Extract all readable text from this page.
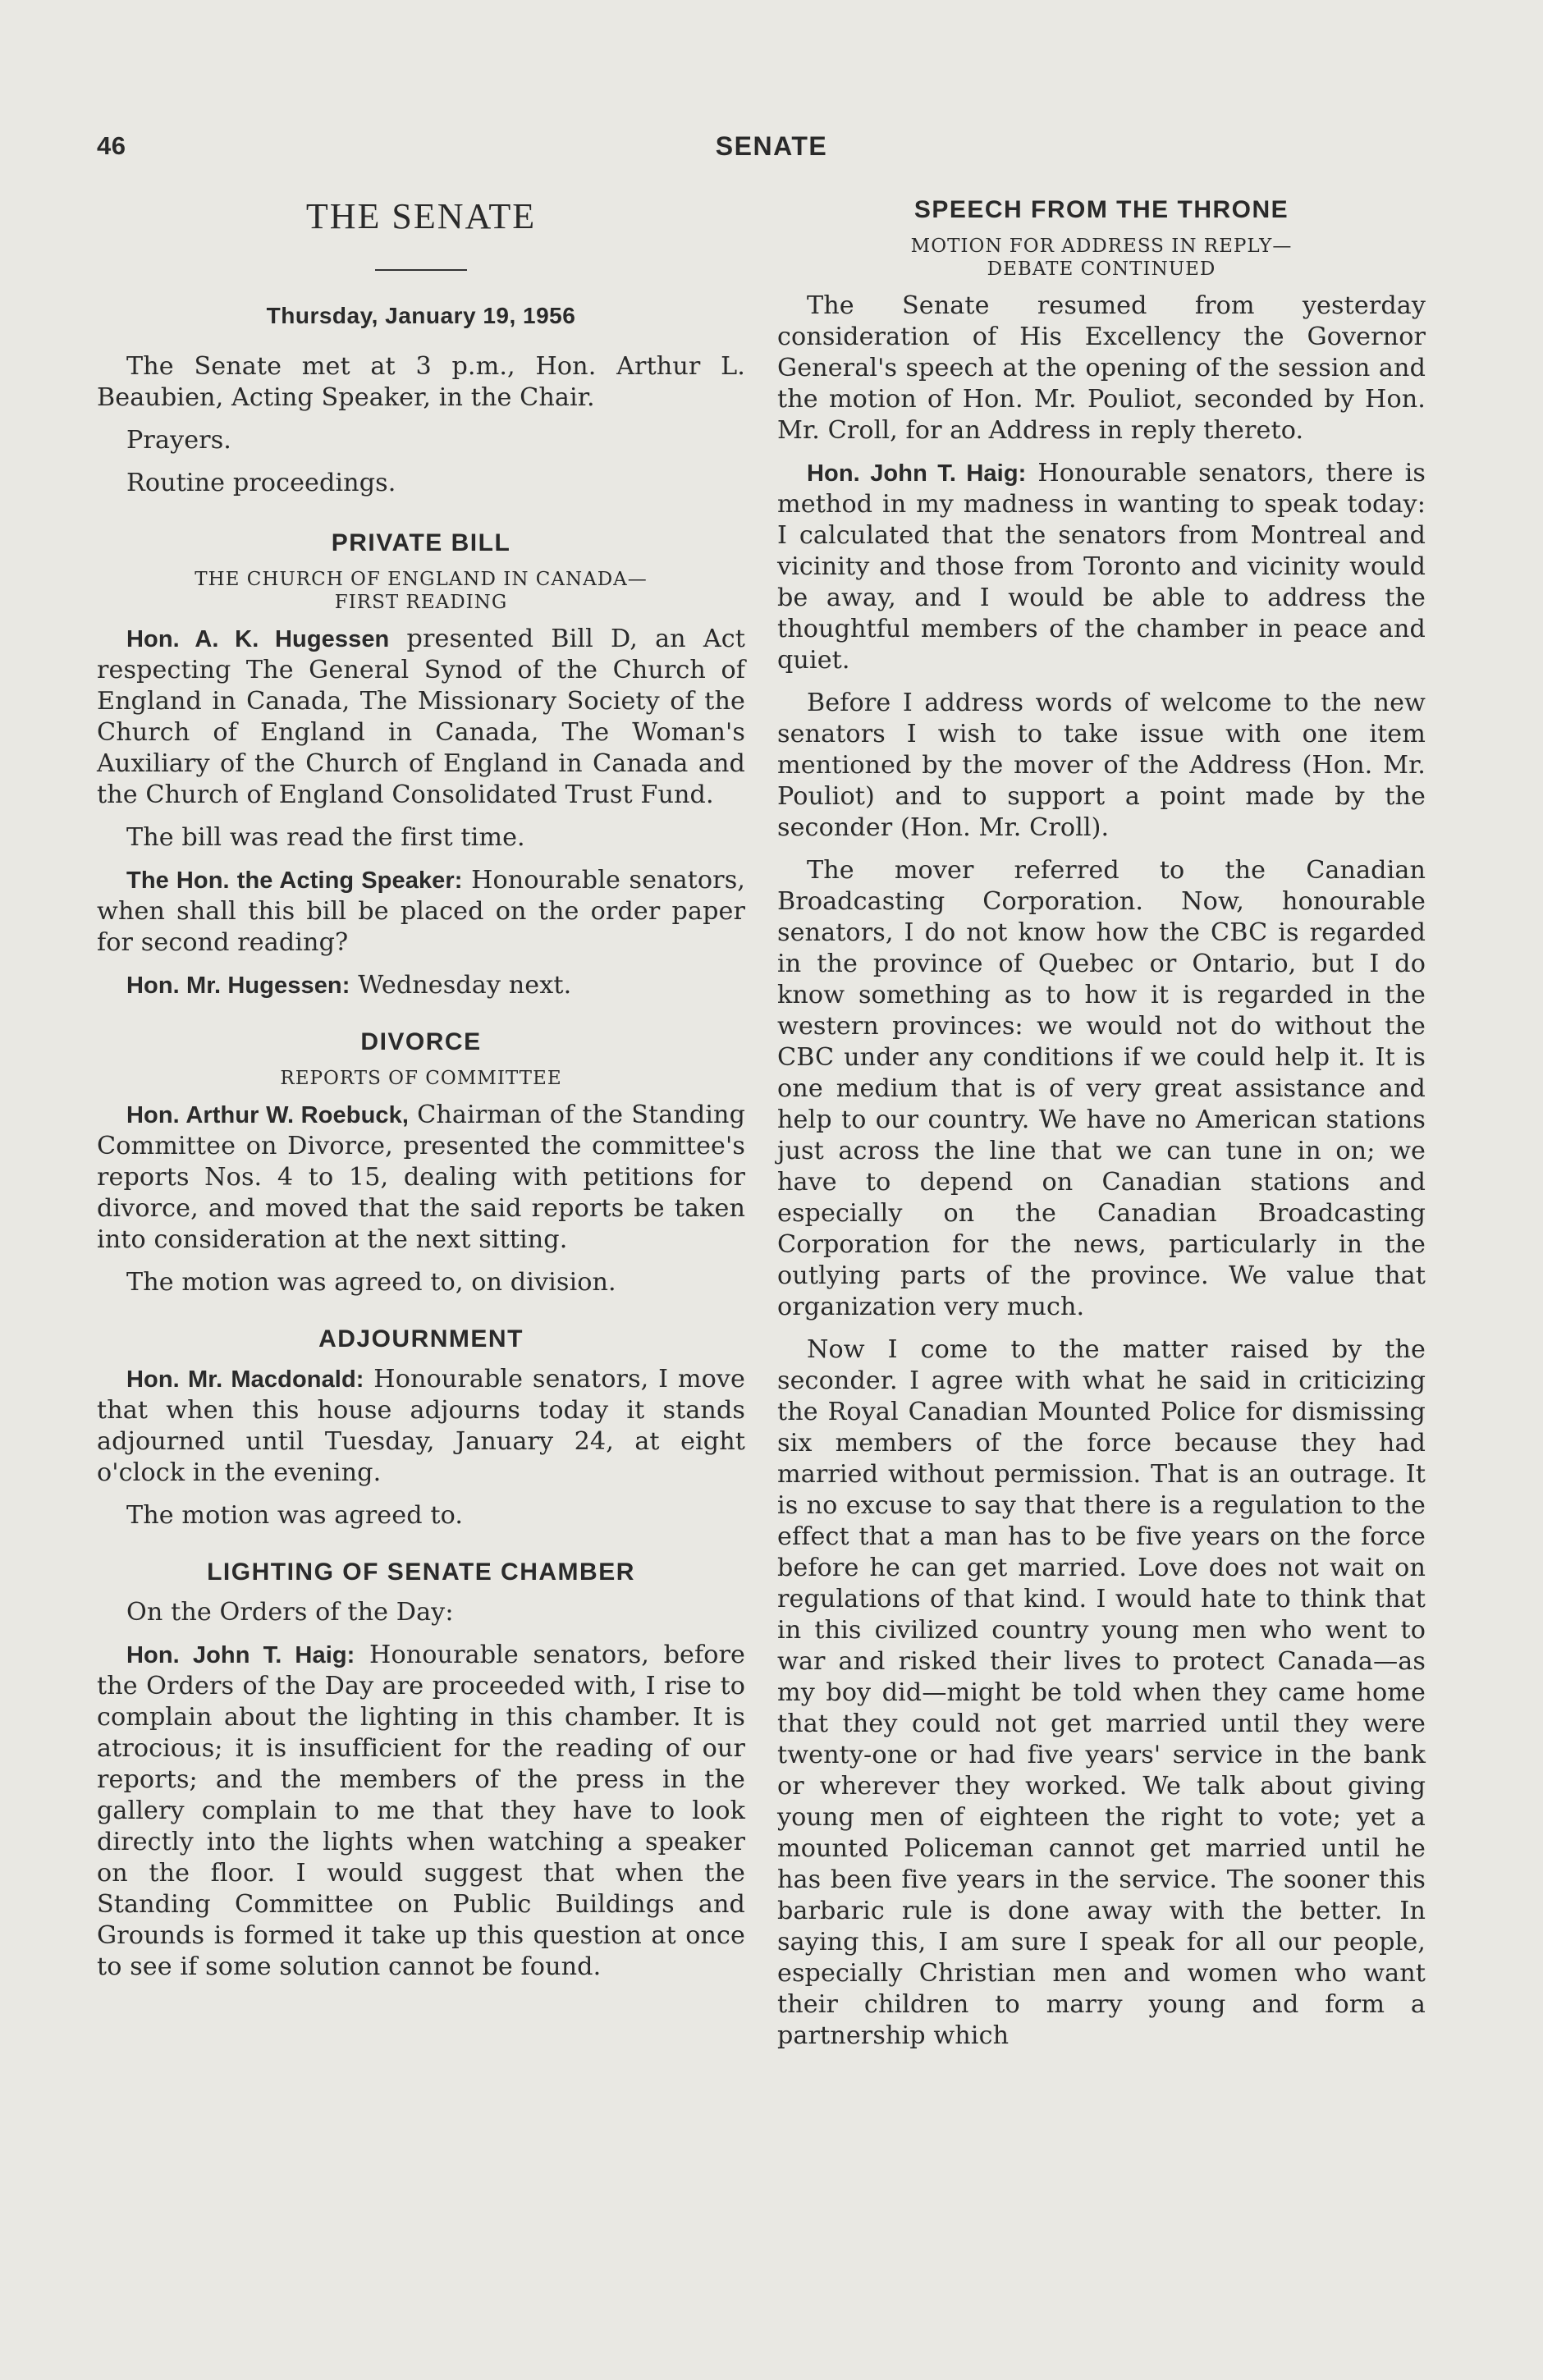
46	SENATE
THE SENATE
Thursday, January 19, 1956

The Senate met at 3 p.m., Hon. Arthur L. Beaubien, Acting Speaker, in the Chair.

Prayers.

Routine proceedings.

PRIVATE BILL
THE CHURCH OF ENGLAND IN CANADA—
FIRST READING

Hon. A. K. Hugessen presented Bill D, an Act respecting The General Synod of the Church of England in Canada, The Missionary Society of the Church of England in Canada, The Woman's Auxiliary of the Church of England in Canada and the Church of England Consolidated Trust Fund.

The bill was read the first time.

The Hon. the Acting Speaker: Honourable senators, when shall this bill be placed on the order paper for second reading?

Hon. Mr. Hugessen: Wednesday next.

DIVORCE
REPORTS OF COMMITTEE

Hon. Arthur W. Roebuck, Chairman of the Standing Committee on Divorce, presented the committee's reports Nos. 4 to 15, dealing with petitions for divorce, and moved that the said reports be taken into consideration at the next sitting.

The motion was agreed to, on division.

ADJOURNMENT

Hon. Mr. Macdonald: Honourable senators, I move that when this house adjourns today it stands adjourned until Tuesday, January 24, at eight o'clock in the evening.

The motion was agreed to.

LIGHTING OF SENATE CHAMBER

On the Orders of the Day:

Hon. John T. Haig: Honourable senators, before the Orders of the Day are proceeded with, I rise to complain about the lighting in this chamber. It is atrocious; it is insufficient for the reading of our reports; and the members of the press in the gallery complain to me that they have to look directly into the lights when watching a speaker on the floor. I would suggest that when the Standing Committee on Public Buildings and Grounds is formed it take up this question at once to see if some solution cannot be found.

SPEECH FROM THE THRONE
MOTION FOR ADDRESS IN REPLY—
DEBATE CONTINUED

The Senate resumed from yesterday consideration of His Excellency the Governor General's speech at the opening of the session and the motion of Hon. Mr. Pouliot, seconded by Hon. Mr. Croll, for an Address in reply thereto.

Hon. John T. Haig: Honourable senators, there is method in my madness in wanting to speak today: I calculated that the senators from Montreal and vicinity and those from Toronto and vicinity would be away, and I would be able to address the thoughtful members of the chamber in peace and quiet.

Before I address words of welcome to the new senators I wish to take issue with one item mentioned by the mover of the Address (Hon. Mr. Pouliot) and to support a point made by the seconder (Hon. Mr. Croll).

The mover referred to the Canadian Broadcasting Corporation. Now, honourable senators, I do not know how the CBC is regarded in the province of Quebec or Ontario, but I do know something as to how it is regarded in the western provinces: we would not do without the CBC under any conditions if we could help it. It is one medium that is of very great assistance and help to our country. We have no American stations just across the line that we can tune in on; we have to depend on Canadian stations and especially on the Canadian Broadcasting Corporation for the news, particularly in the outlying parts of the province. We value that organization very much.

Now I come to the matter raised by the seconder. I agree with what he said in criticizing the Royal Canadian Mounted Police for dismissing six members of the force because they had married without permission. That is an outrage. It is no excuse to say that there is a regulation to the effect that a man has to be five years on the force before he can get married. Love does not wait on regulations of that kind. I would hate to think that in this civilized country young men who went to war and risked their lives to protect Canada—as my boy did—might be told when they came home that they could not get married until they were twenty-one or had five years' service in the bank or wherever they worked. We talk about giving young men of eighteen the right to vote; yet a mounted Policeman cannot get married until he has been five years in the service. The sooner this barbaric rule is done away with the better. In saying this, I am sure I speak for all our people, especially Christian men and women who want their children to marry young and form a partnership which
